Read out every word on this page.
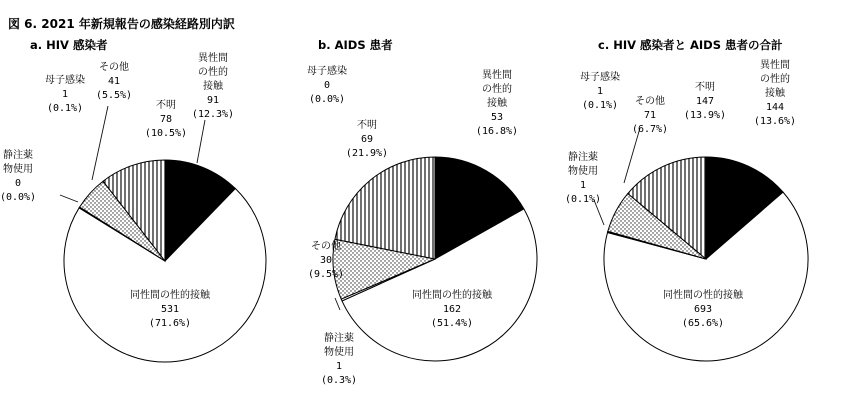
図 6. 2021 年新規報告の感染経路別内訳
a. HIV 感染者	b. AIDS 患者	c. HIV 感染者と AIDS 患者の合計
異性間の性的接触 91 (12.3%)
同性間の性的接触 531 (71.6%)
静注薬物使用 0 (0.0%)
母子感染 1 (0.1%)
その他 41 (5.5%)
不明 78 (10.5%)
異性間の性的接触 53 (16.8%)
同性間の性的接触 162 (51.4%)
静注薬物使用 1 (0.3%)
その他 30 (9.5%)
不明 69 (21.9%)
母子感染 0 (0.0%)
異性間の性的接触 144 (13.6%)
同性間の性的接触 693 (65.6%)
静注薬物使用 1 (0.1%)
母子感染 1 (0.1%)	その他 71 (6.7%)
不明 147 (13.9%)
